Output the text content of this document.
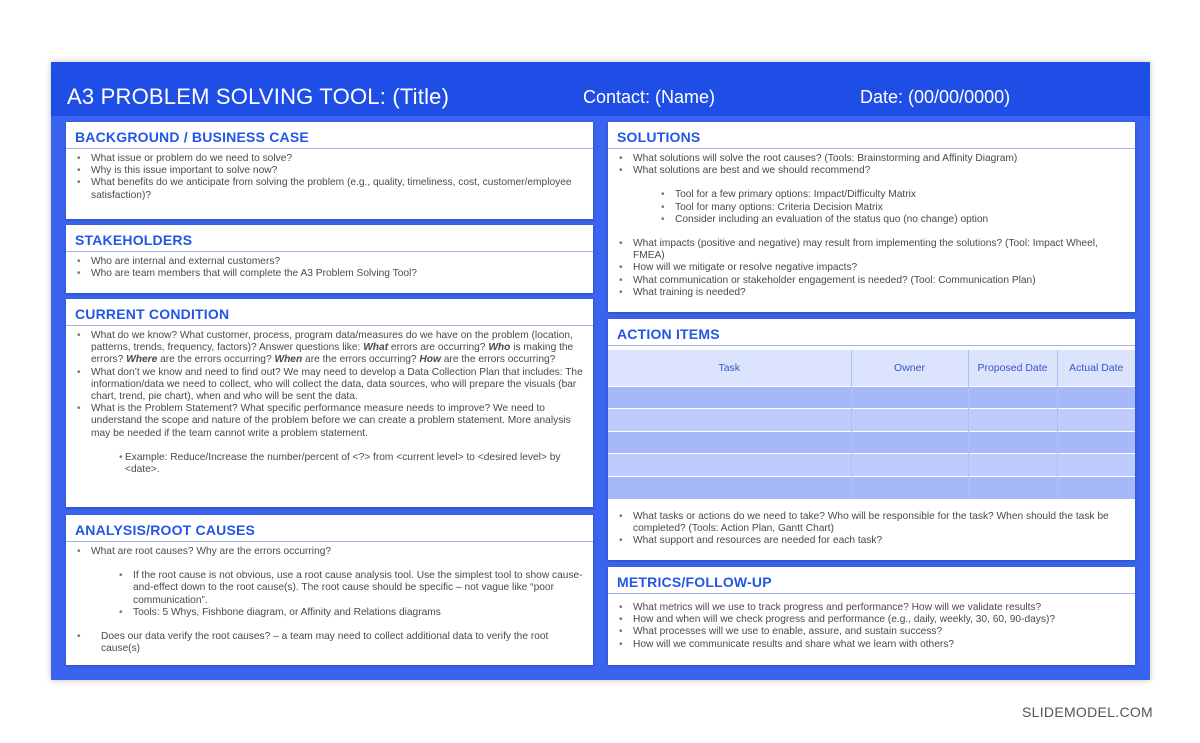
A3 PROBLEM SOLVING TOOL: (Title)	Contact: (Name)	Date: (00/00/0000)
BACKGROUND / BUSINESS CASE
• What issue or problem do we need to solve?
• Why is this issue important to solve now?
• What benefits do we anticipate from solving the problem (e.g., quality, timeliness, cost, customer/employee satisfaction)?
STAKEHOLDERS
• Who are internal and external customers?
• Who are team members that will complete the A3 Problem Solving Tool?
CURRENT CONDITION
• What do we know? What customer, process, program data/measures do we have on the problem (location, patterns, trends, frequency, factors)? Answer questions like: What errors are occurring? Who is making the errors? Where are the errors occurring? When are the errors occurring? How are the errors occurring?
• What don’t we know and need to find out? We may need to develop a Data Collection Plan that includes: The information/data we need to collect, who will collect the data, data sources, who will prepare the visuals (bar chart, trend, pie chart), when and who will be sent the data.
• What is the Problem Statement? What specific performance measure needs to improve? We need to understand the scope and nature of the problem before we can create a problem statement. More analysis may be needed if the team cannot write a problem statement.
• Example: Reduce/Increase the number/percent of <?> from <current level> to <desired level> by <date>.
ANALYSIS/ROOT CAUSES
• What are root causes? Why are the errors occurring?
• If the root cause is not obvious, use a root cause analysis tool. Use the simplest tool to show cause-and-effect down to the root cause(s). The root cause should be specific – not vague like “poor communication”.
• Tools: 5 Whys, Fishbone diagram, or Affinity and Relations diagrams
• Does our data verify the root causes? – a team may need to collect additional data to verify the root cause(s)
SOLUTIONS
• What solutions will solve the root causes? (Tools: Brainstorming and Affinity Diagram)
• What solutions are best and we should recommend?
• Tool for a few primary options: Impact/Difficulty Matrix
• Tool for many options: Criteria Decision Matrix
• Consider including an evaluation of the status quo (no change) option
• What impacts (positive and negative) may result from implementing the solutions? (Tool: Impact Wheel, FMEA)
• How will we mitigate or resolve negative impacts?
• What communication or stakeholder engagement is needed? (Tool: Communication Plan)
• What training is needed?
ACTION ITEMS
Task	Owner	Proposed Date	Actual Date

• What tasks or actions do we need to take? Who will be responsible for the task? When should the task be completed? (Tools: Action Plan, Gantt Chart)
• What support and resources are needed for each task?
METRICS/FOLLOW-UP
• What metrics will we use to track progress and performance? How will we validate results?
• How and when will we check progress and performance (e.g., daily, weekly, 30, 60, 90-days)?
• What processes will we use to enable, assure, and sustain success?
• How will we communicate results and share what we learn with others?
SLIDEMODEL.COM
